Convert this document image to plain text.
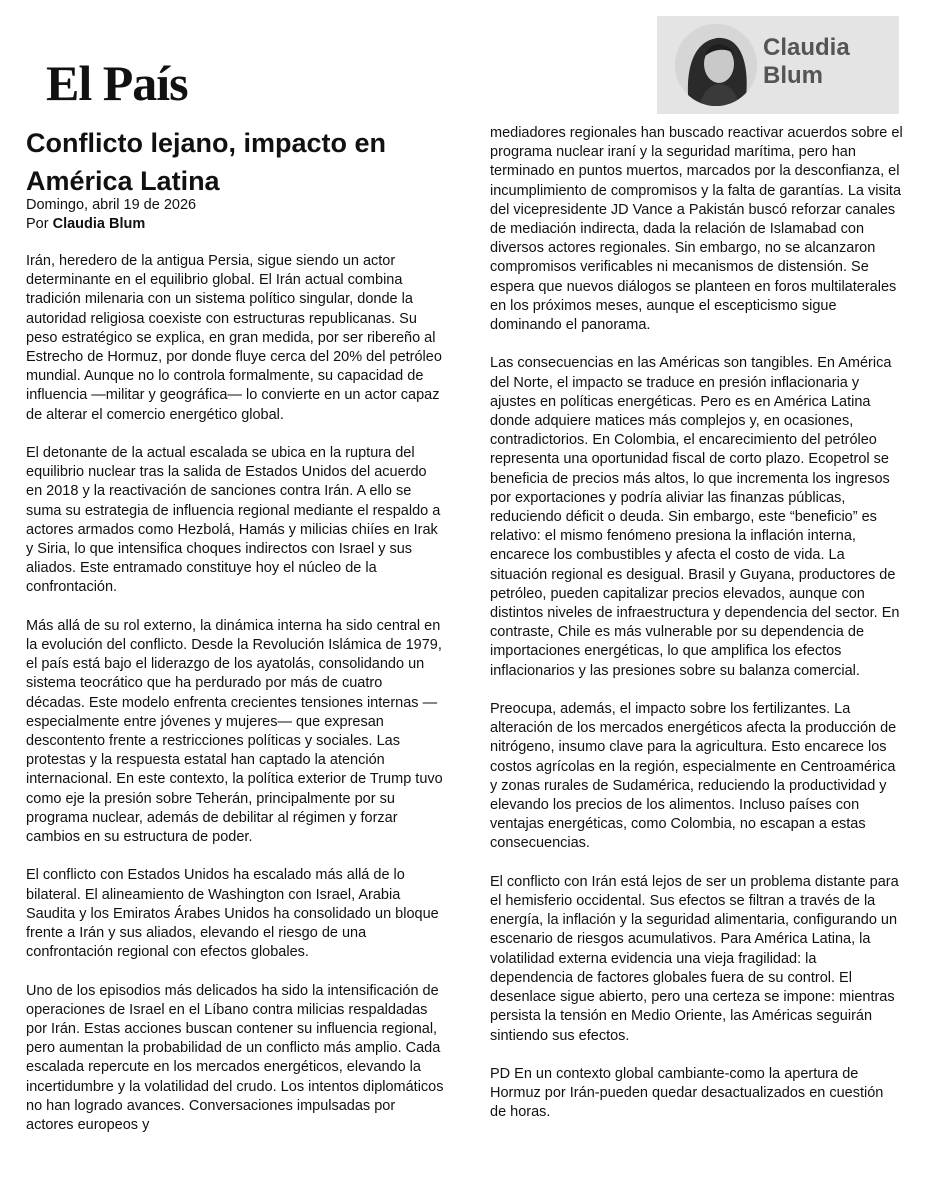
El País
Claudia
Blum
Conflicto lejano, impacto en América Latina
Domingo, abril 19 de 2026
Por Claudia Blum

Irán, heredero de la antigua Persia, sigue siendo un actor determinante en el equilibrio global. El Irán actual combina tradición milenaria con un sistema político singular, donde la autoridad religiosa coexiste con estructuras republicanas. Su peso estratégico se explica, en gran medida, por ser ribereño al Estrecho de Hormuz, por donde fluye cerca del 20% del petróleo mundial. Aunque no lo controla formalmente, su capacidad de influencia —militar y geográfica— lo convierte en un actor capaz de alterar el comercio energético global.

El detonante de la actual escalada se ubica en la ruptura del equilibrio nuclear tras la salida de Estados Unidos del acuerdo en 2018 y la reactivación de sanciones contra Irán. A ello se suma su estrategia de influencia regional mediante el respaldo a actores armados como Hezbolá, Hamás y milicias chiíes en Irak y Siria, lo que intensifica choques indirectos con Israel y sus aliados. Este entramado constituye hoy el núcleo de la confrontación.

Más allá de su rol externo, la dinámica interna ha sido central en la evolución del conflicto. Desde la Revolución Islámica de 1979, el país está bajo el liderazgo de los ayatolás, consolidando un sistema teocrático que ha perdurado por más de cuatro décadas. Este modelo enfrenta crecientes tensiones internas —especialmente entre jóvenes y mujeres— que expresan descontento frente a restricciones políticas y sociales. Las protestas y la respuesta estatal han captado la atención internacional. En este contexto, la política exterior de Trump tuvo como eje la presión sobre Teherán, principalmente por su programa nuclear, además de debilitar al régimen y forzar cambios en su estructura de poder.

El conflicto con Estados Unidos ha escalado más allá de lo bilateral. El alineamiento de Washington con Israel, Arabia Saudita y los Emiratos Árabes Unidos ha consolidado un bloque frente a Irán y sus aliados, elevando el riesgo de una confrontación regional con efectos globales.

Uno de los episodios más delicados ha sido la intensificación de operaciones de Israel en el Líbano contra milicias respaldadas por Irán. Estas acciones buscan contener su influencia regional, pero aumentan la probabilidad de un conflicto más amplio. Cada escalada repercute en los mercados energéticos, elevando la incertidumbre y la volatilidad del crudo. Los intentos diplomáticos no han logrado avances. Conversaciones impulsadas por actores europeos y

mediadores regionales han buscado reactivar acuerdos sobre el programa nuclear iraní y la seguridad marítima, pero han terminado en puntos muertos, marcados por la desconfianza, el incumplimiento de compromisos y la falta de garantías. La visita del vicepresidente JD Vance a Pakistán buscó reforzar canales de mediación indirecta, dada la relación de Islamabad con diversos actores regionales. Sin embargo, no se alcanzaron compromisos verificables ni mecanismos de distensión. Se espera que nuevos diálogos se planteen en foros multilaterales en los próximos meses, aunque el escepticismo sigue dominando el panorama.

Las consecuencias en las Américas son tangibles. En América del Norte, el impacto se traduce en presión inflacionaria y ajustes en políticas energéticas. Pero es en América Latina donde adquiere matices más complejos y, en ocasiones, contradictorios. En Colombia, el encarecimiento del petróleo representa una oportunidad fiscal de corto plazo. Ecopetrol se beneficia de precios más altos, lo que incrementa los ingresos por exportaciones y podría aliviar las finanzas públicas, reduciendo déficit o deuda. Sin embargo, este “beneficio” es relativo: el mismo fenómeno presiona la inflación interna, encarece los combustibles y afecta el costo de vida. La situación regional es desigual. Brasil y Guyana, productores de petróleo, pueden capitalizar precios elevados, aunque con distintos niveles de infraestructura y dependencia del sector. En contraste, Chile es más vulnerable por su dependencia de importaciones energéticas, lo que amplifica los efectos inflacionarios y las presiones sobre su balanza comercial.

Preocupa, además, el impacto sobre los fertilizantes. La alteración de los mercados energéticos afecta la producción de nitrógeno, insumo clave para la agricultura. Esto encarece los costos agrícolas en la región, especialmente en Centroamérica y zonas rurales de Sudamérica, reduciendo la productividad y elevando los precios de los alimentos. Incluso países con ventajas energéticas, como Colombia, no escapan a estas consecuencias.

El conflicto con Irán está lejos de ser un problema distante para el hemisferio occidental. Sus efectos se filtran a través de la energía, la inflación y la seguridad alimentaria, configurando un escenario de riesgos acumulativos. Para América Latina, la volatilidad externa evidencia una vieja fragilidad: la dependencia de factores globales fuera de su control. El desenlace sigue abierto, pero una certeza se impone: mientras persista la tensión en Medio Oriente, las Américas seguirán sintiendo sus efectos.

PD En un contexto global cambiante-como la apertura de Hormuz por Irán-pueden quedar desactualizados en cuestión de horas.
